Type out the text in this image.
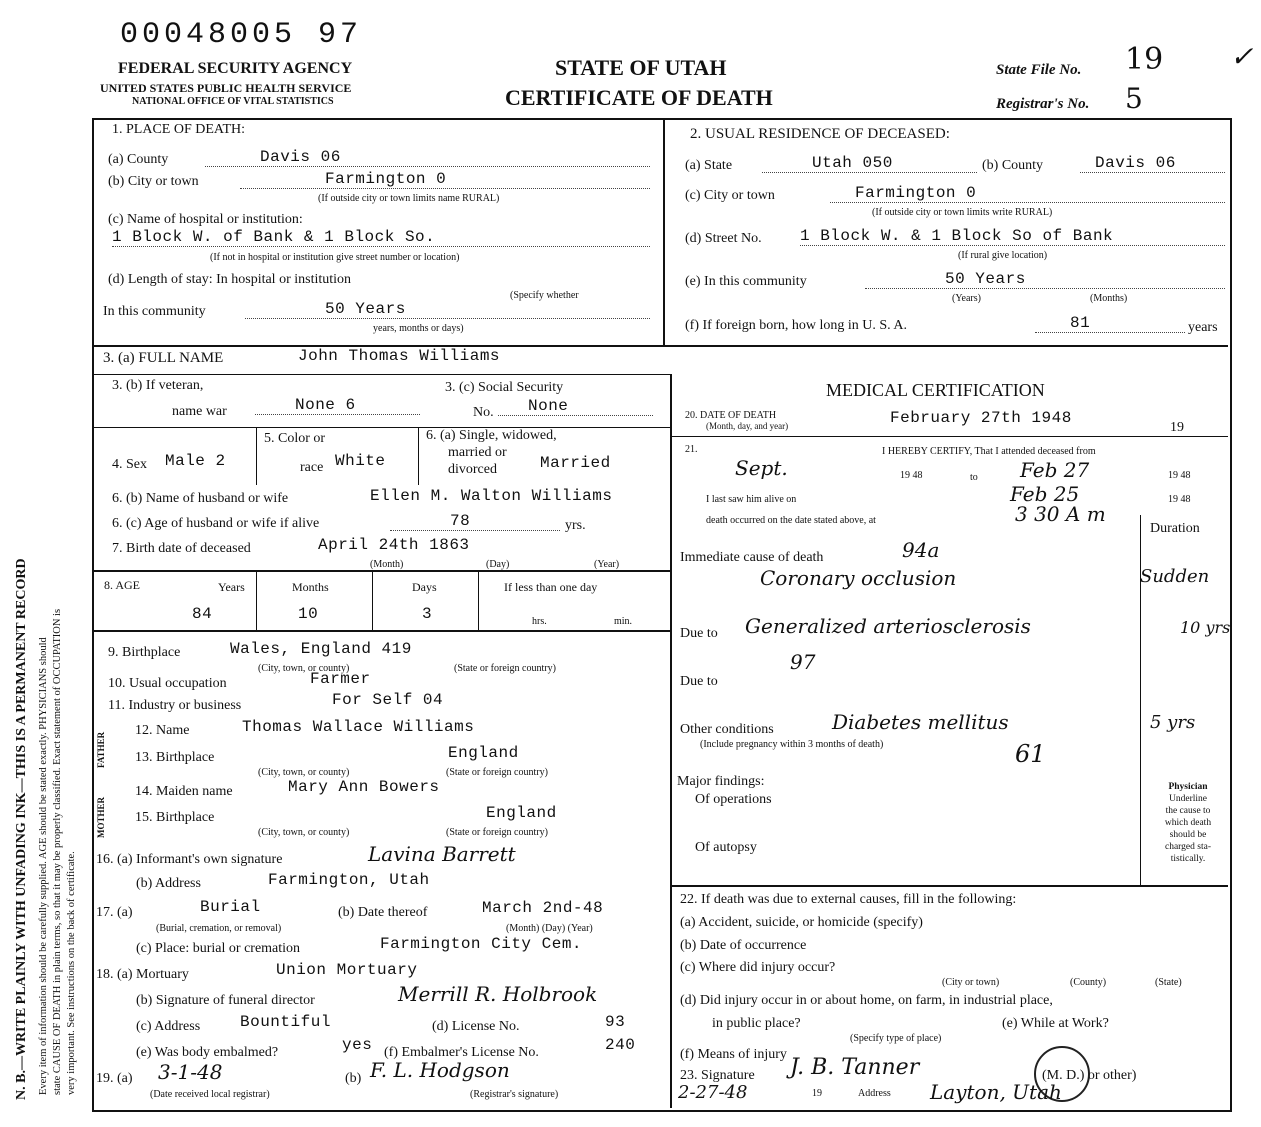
N. B.—WRITE PLAINLY WITH UNFADING INK—THIS IS A PERMANENT RECORD Every item of information should be carefully supplied. AGE should be stated exactly. PHYSICIANS should state CAUSE OF DEATH in plain terms, so that it may be properly classified. Exact statement of OCCUPATION is very important. See instructions on the back of certificate.
00048005 97
FEDERAL SECURITY AGENCY
UNITED STATES PUBLIC HEALTH SERVICE
NATIONAL OFFICE OF VITAL STATISTICS
STATE OF UTAH
CERTIFICATE OF DEATH
State File No. 19
Registrar's No. 5
✓
1. PLACE OF DEATH:
(a) County	Davis 06
(b) City or town	Farmington 0
(If outside city or town limits name RURAL)
(c) Name of hospital or institution:
1 Block W. of Bank & 1 Block So.
(If not in hospital or institution give street number or location)
(d) Length of stay: In hospital or institution
(Specify whether
In this community	50 Years
years, months or days)
2. USUAL RESIDENCE OF DECEASED:
(a) State	Utah 050	(b) County	Davis 06
(c) City or town	Farmington 0
(If outside city or town limits write RURAL)
(d) Street No. 1 Block W. & 1 Block So of Bank
(If rural give location)
(e) In this community	50 Years
(Years)	(Months)
(f) If foreign born, how long in U. S. A.	81	years
3. (a) FULL NAME	John Thomas Williams
3. (b) If veteran,
name war	None 6
3. (c) Social Security
No.	None
4. Sex Male 2
5. Color or
race White
6. (a) Single, widowed,
married or
divorced	Married
6. (b) Name of husband or wife	Ellen M. Walton Williams
6. (c) Age of husband or wife if alive	78	yrs.
7. Birth date of deceased	April 24th 1863
(Month)	(Day)	(Year)
8. AGE	Years	Months	Days	If less than one day
84	10	3	hrs.	min.
9. Birthplace	Wales, England 419
(City, town, or county)	(State or foreign country)
10. Usual occupation	Farmer
11. Industry or business	For Self 04
FATHER
MOTHER
12. Name	Thomas Wallace Williams
13. Birthplace	England
(City, town, or county)	(State or foreign country)
14. Maiden name	Mary Ann Bowers
15. Birthplace	England
(City, town, or county)	(State or foreign country)
16. (a) Informant's own signature	Lavina Barrett
(b) Address	Farmington, Utah
17. (a)	Burial
(Burial, cremation, or removal)
(b) Date thereof	March 2nd-48
(Month) (Day) (Year)
(c) Place: burial or cremation	Farmington City Cem.
18. (a) Mortuary	Union Mortuary
(b) Signature of funeral director	Merrill R. Holbrook
(c) Address Bountiful	(d) License No.	93
(e) Was body embalmed?	yes (f) Embalmer's License No.	240
19. (a) 3-1-48
(Date received local registrar)
(b) F. L. Hodgson
(Registrar's signature)
MEDICAL CERTIFICATION
20. DATE OF DEATH
(Month, day, and year)	February 27th 1948
19
21.	I HEREBY CERTIFY, That I attended deceased from
Sept.	19 48	to Feb 27	19 48
I last saw him alive on	Feb 25	19 48
death occurred on the date stated above, at	3 30 A m
Duration
Immediate cause of death	94a
Coronary occlusion	Sudden
Due to Generalized arteriosclerosis	10 yrs
97
Due to
Other conditions	Diabetes mellitus	5 yrs
(Include pregnancy within 3 months of death)	61
Major findings:
Of operations
Of autopsy
Physician
Underline
the cause to
which death
should be
charged sta-
tistically.
22. If death was due to external causes, fill in the following:
(a) Accident, suicide, or homicide (specify)
(b) Date of occurrence
(c) Where did injury occur?
(City or town)	(County)	(State)
(d) Did injury occur in or about home, on farm, in industrial place,
in public place?	(e) While at Work?
(Specify type of place)
(f) Means of injury
23. Signature J. B. Tanner	(M. D.) or other)
2-27-48	19	Address Layton, Utah
